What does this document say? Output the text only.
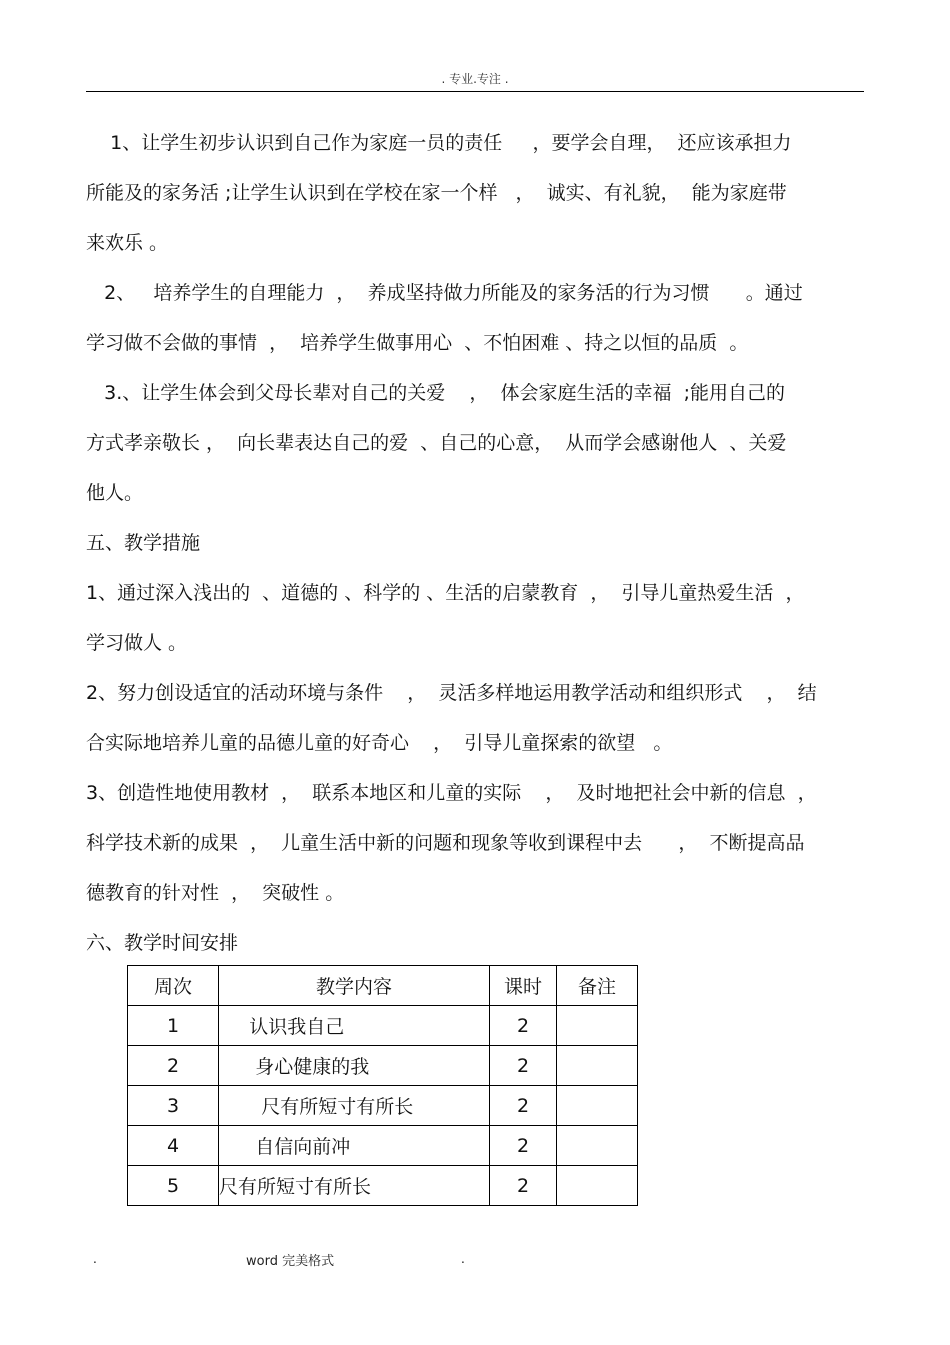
. 专业.专注 .
1、让学生初步认识到自己作为家庭一员的责任     ，要学会自理，  还应该承担力
所能及的家务活 ;让学生认识到在学校在家一个样   ，  诚实、有礼貌，  能为家庭带
来欢乐 。
2、   培养学生的自理能力  ，  养成坚持做力所能及的家务活的行为习惯      。通过
学习做不会做的事情  ，  培养学生做事用心  、不怕困难 、持之以恒的品质  。
3.、让学生体会到父母长辈对自己的关爱    ，  体会家庭生活的幸福  ;能用自己的
方式孝亲敬长 ，  向长辈表达自己的爱  、自己的心意，  从而学会感谢他人  、关爱
他人。
五、教学措施
1、通过深入浅出的  、道德的 、科学的 、生活的启蒙教育  ，  引导儿童热爱生活  ，
学习做人 。
2、努力创设适宜的活动环境与条件    ，  灵活多样地运用教学活动和组织形式    ，  结
合实际地培养儿童的品德儿童的好奇心    ，  引导儿童探索的欲望   。
3、创造性地使用教材  ，  联系本地区和儿童的实际    ，  及时地把社会中新的信息  ，
科学技术新的成果  ，  儿童生活中新的问题和现象等收到课程中去      ，  不断提高品
德教育的针对性  ，  突破性 。
六、教学时间安排
周次	教学内容	课时	备注
1	认识我自己	2	
2	身心健康的我	2	
3	尺有所短寸有所长	2	
4	自信向前冲	2	
5	尺有所短寸有所长	2	
.	word 完美格式	.
